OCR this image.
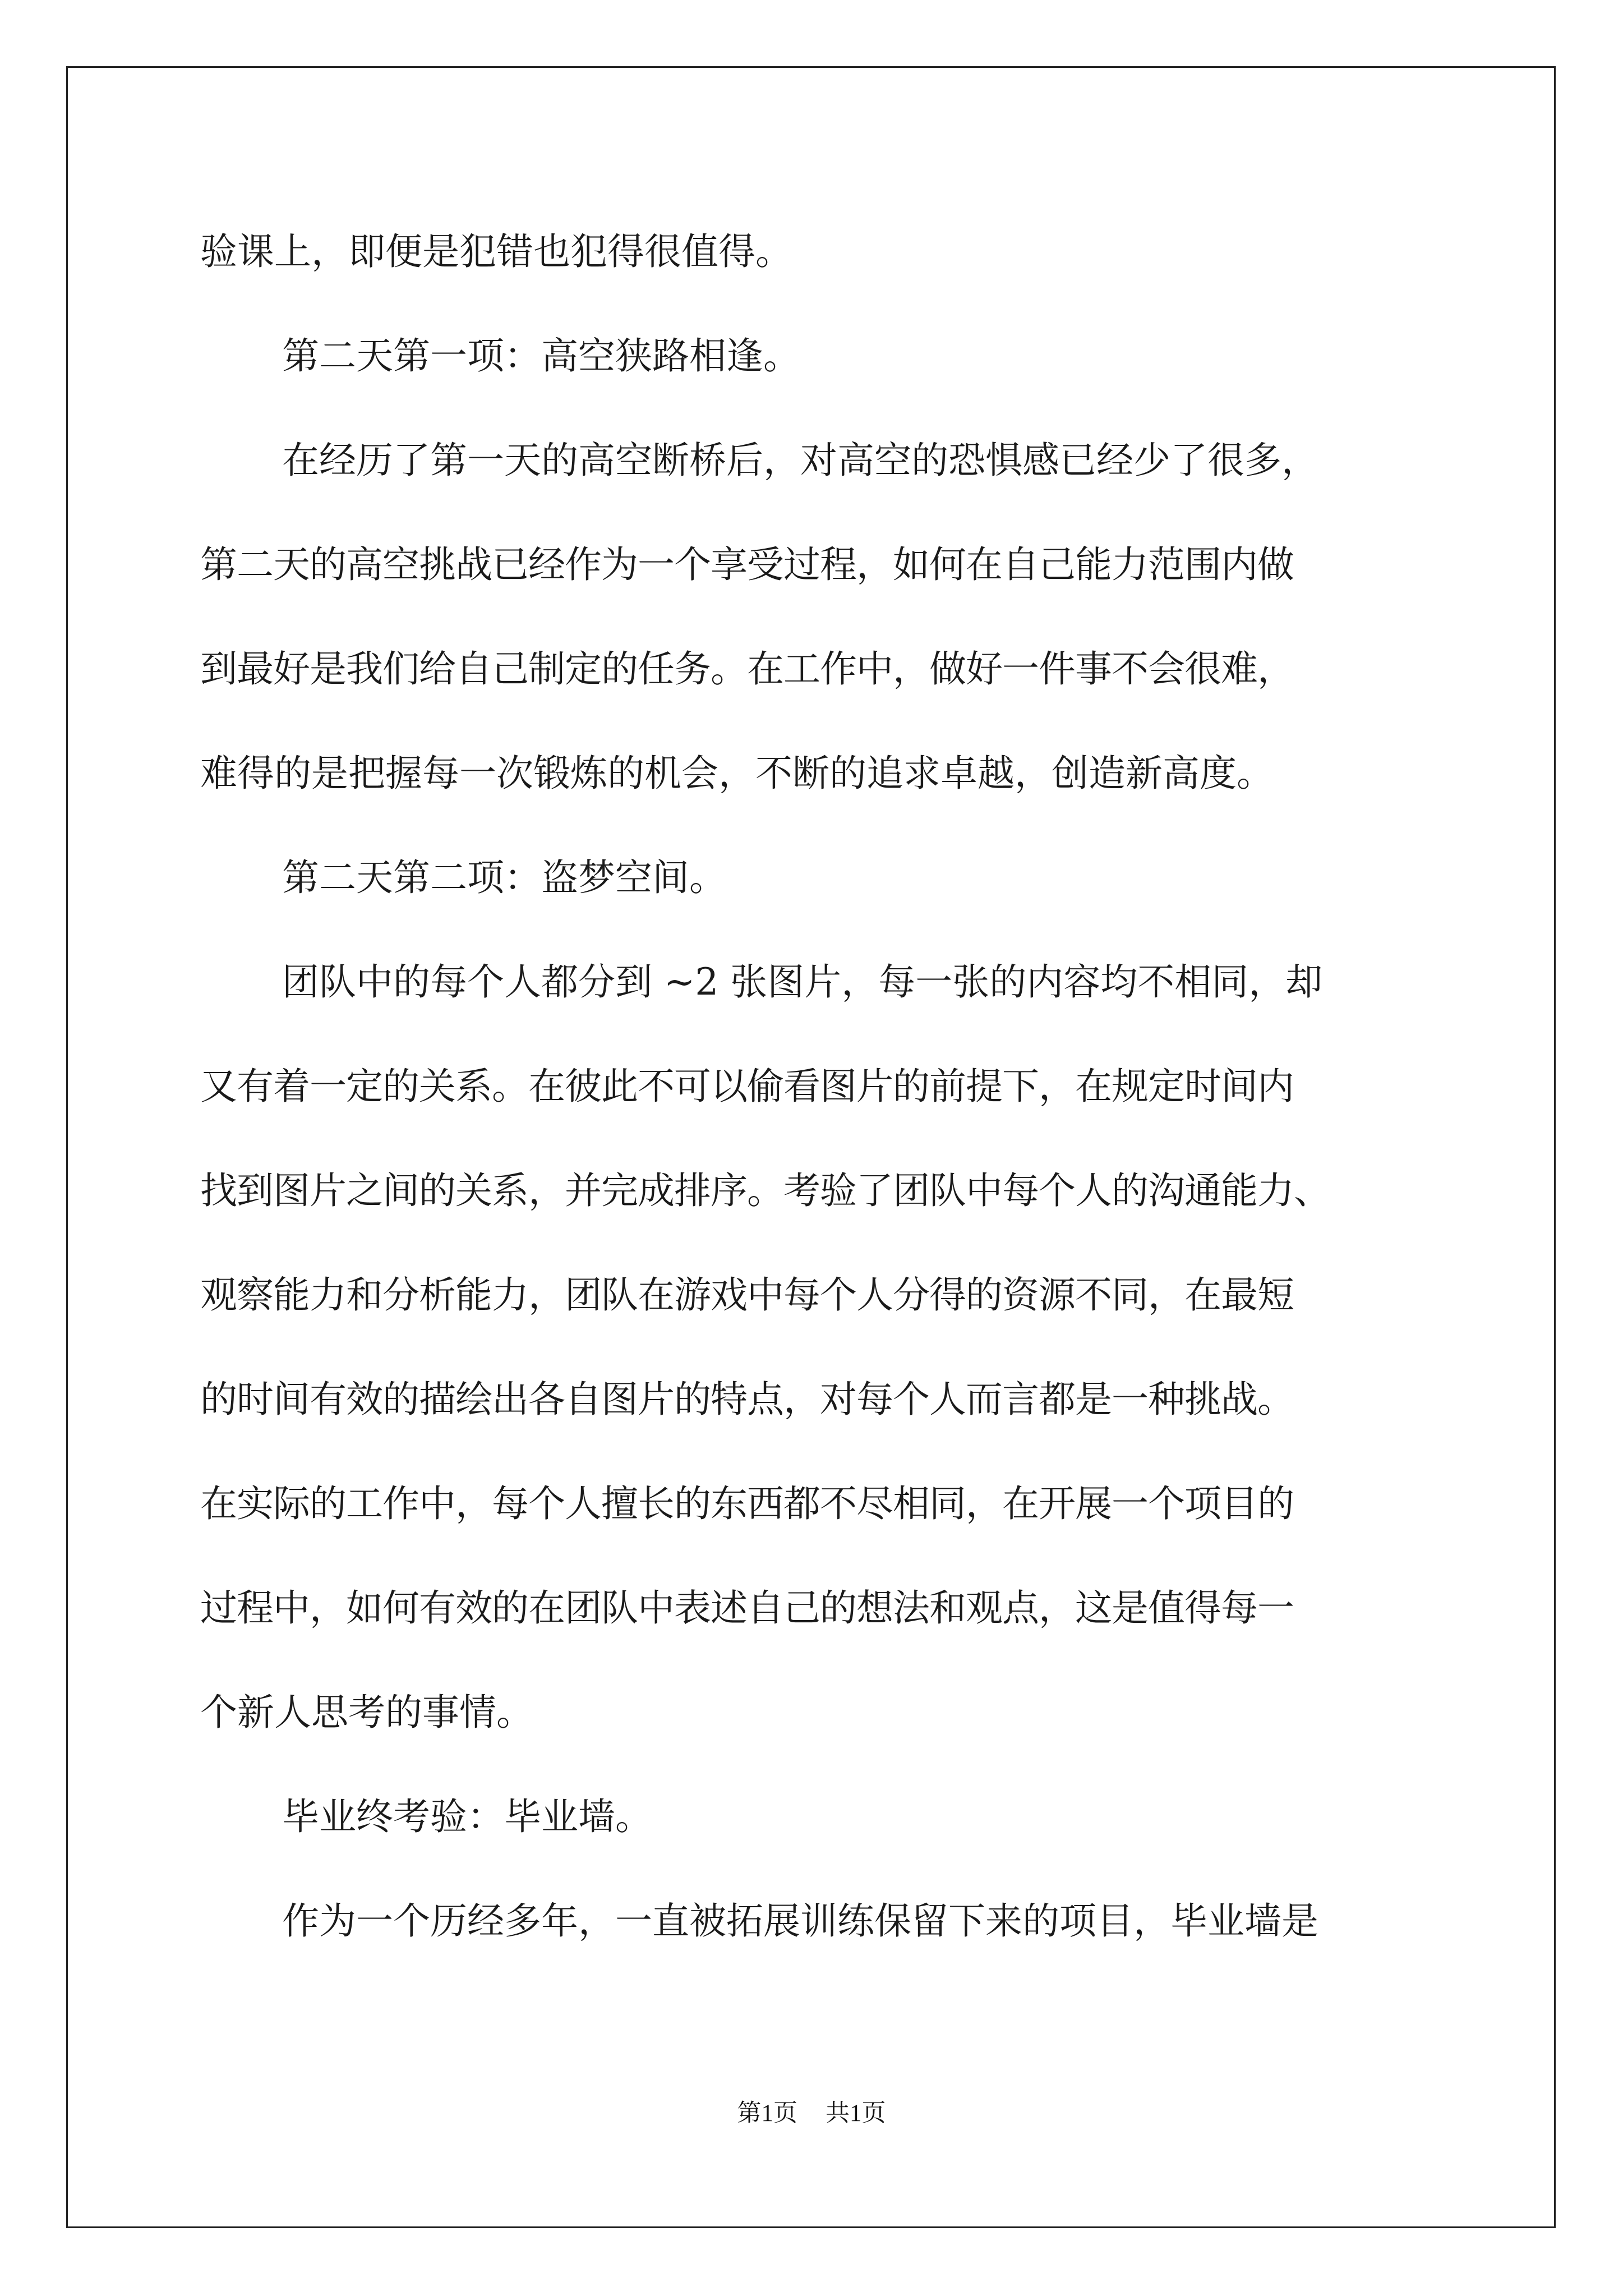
验课上，即便是犯错也犯得很值得。
第二天第一项：高空狭路相逢。
在经历了第一天的高空断桥后，对高空的恐惧感已经少了很多，
第二天的高空挑战已经作为一个享受过程，如何在自己能力范围内做
到最好是我们给自己制定的任务。在工作中，做好一件事不会很难，
难得的是把握每一次锻炼的机会，不断的追求卓越，创造新高度。
第二天第二项：盗梦空间。
团队中的每个人都分到 ~2 张图片，每一张的内容均不相同，却
又有着一定的关系。在彼此不可以偷看图片的前提下，在规定时间内
找到图片之间的关系，并完成排序。考验了团队中每个人的沟通能力、
观察能力和分析能力，团队在游戏中每个人分得的资源不同，在最短
的时间有效的描绘出各自图片的特点，对每个人而言都是一种挑战。
在实际的工作中，每个人擅长的东西都不尽相同，在开展一个项目的
过程中，如何有效的在团队中表述自己的想法和观点，这是值得每一
个新人思考的事情。
毕业终考验：毕业墙。
作为一个历经多年，一直被拓展训练保留下来的项目，毕业墙是
第1页 共1页
